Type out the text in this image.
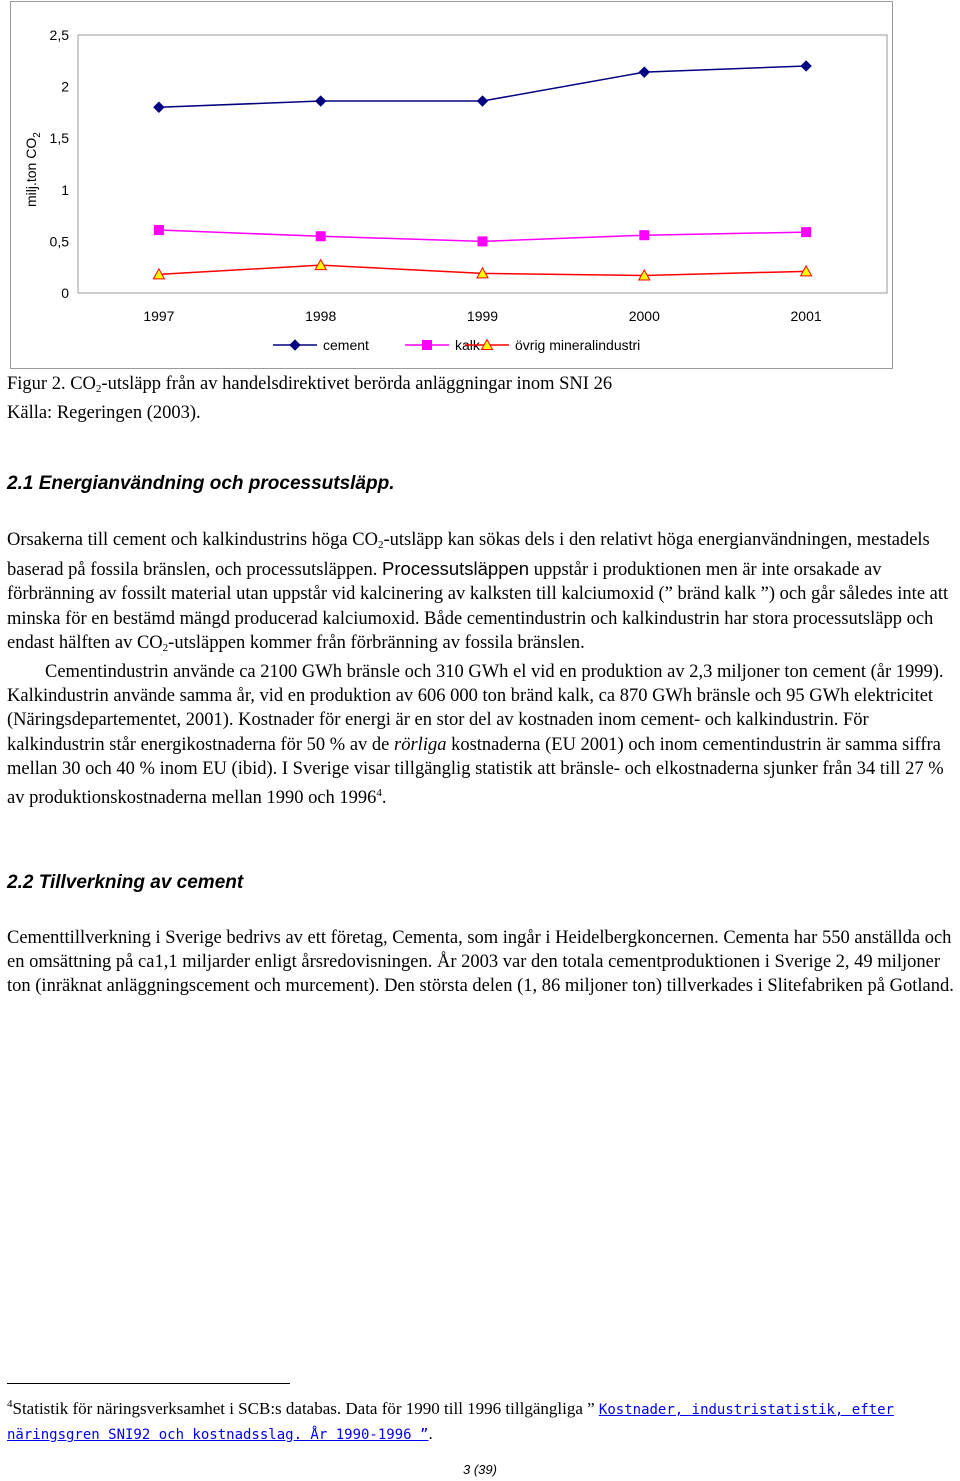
0
0,5
1
1,5
2
2,5
1997	1998	1999	2000	2001
milj.ton $CO_2$
cement	kalk	övrig mineralindustri
Figur 2. $CO_2$-utsläpp från av handelsdirektivet berörda anläggningar inom SNI 26
Källa: Regeringen (2003).
2.1 Energianvändning och processutsläpp.
Orsakerna till cement och kalkindustrins höga $CO_2$-utsläpp kan sökas dels i den relativt höga energianvändningen, mestadels baserad på fossila bränslen, och processutsläppen. Processutsläppen uppstår i produktionen men är inte orsakade av förbränning av fossilt material utan uppstår vid kalcinering av kalksten till kalciumoxid (” bränd kalk ”) och går således inte att minska för en bestämd mängd producerad kalciumoxid. Både cementindustrin och kalkindustrin har stora processutsläpp och endast hälften av $CO_2$-utsläppen kommer från förbränning av fossila bränslen.
Cementindustrin använde ca 2100 GWh bränsle och 310 GWh el vid en produktion av 2,3 miljoner ton cement (år 1999). Kalkindustrin använde samma år, vid en produktion av 606 000 ton bränd kalk, ca 870 GWh bränsle och 95 GWh elektricitet (Näringsdepartementet, 2001). Kostnader för energi är en stor del av kostnaden inom cement- och kalkindustrin. För kalkindustrin står energikostnaderna för 50 % av de rörliga kostnaderna (EU 2001) och inom cementindustrin är samma siffra mellan 30 och 40 % inom EU (ibid). I Sverige visar tillgänglig statistik att bränsle- och elkostnaderna sjunker från 34 till 27 % av produktionskostnaderna mellan 1990 och 1996$^4$.
2.2 Tillverkning av cement
Cementtillverkning i Sverige bedrivs av ett företag, Cementa, som ingår i Heidelbergkoncernen. Cementa har 550 anställda och en omsättning på ca1,1 miljarder enligt årsredovisningen. År 2003 var den totala cementproduktionen i Sverige 2, 49 miljoner ton (inräknat anläggningscement och murcement). Den största delen (1, 86 miljoner ton) tillverkades i Slitefabriken på Gotland.
$^4$Statistik för näringsverksamhet i SCB:s databas. Data för 1990 till 1996 tillgängliga ” Kostnader, industristatistik, efter näringsgren SNI92 och kostnadsslag. År 1990-1996 ”.
3 (39)
